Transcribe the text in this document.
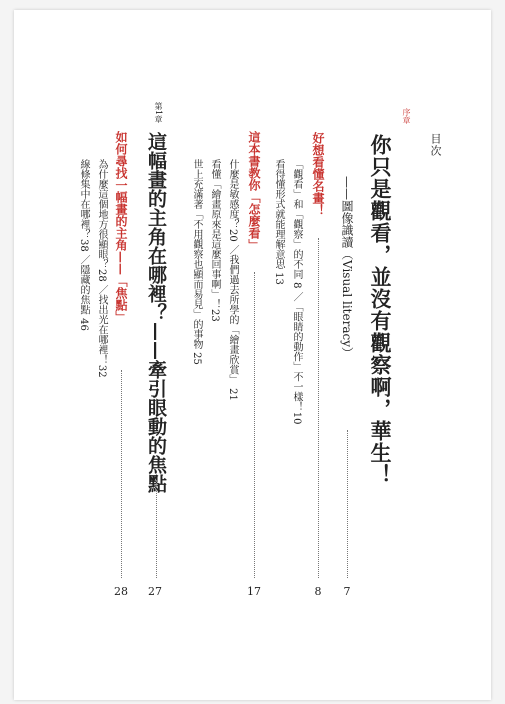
目次
序章
你只是觀看，並沒有觀察啊，華生！
——圖像識讀（Visual literacy）
7
好想看懂名畫！
8
「觀看」和「觀察」的不同 8 ／「眼睛的動作」不一樣！10
看得懂形式就能理解意思 13
這本書教你「怎麼看」
17
什麼是敏感度？20 ／我們過去所學的「繪畫欣賞」 21
看懂「繪畫原來是這麼回事啊」！23
世上充滿著「不用觀察也顯而易見」的事物 25
第1章
這幅畫的主角在哪裡？——牽引眼動的焦點
27
如何尋找一幅畫的主角——「焦點」
28
為什麼這個地方很顯眼？28 ／找出光在哪裡！32
線條集中在哪裡？38 ／隱藏的焦點 46
